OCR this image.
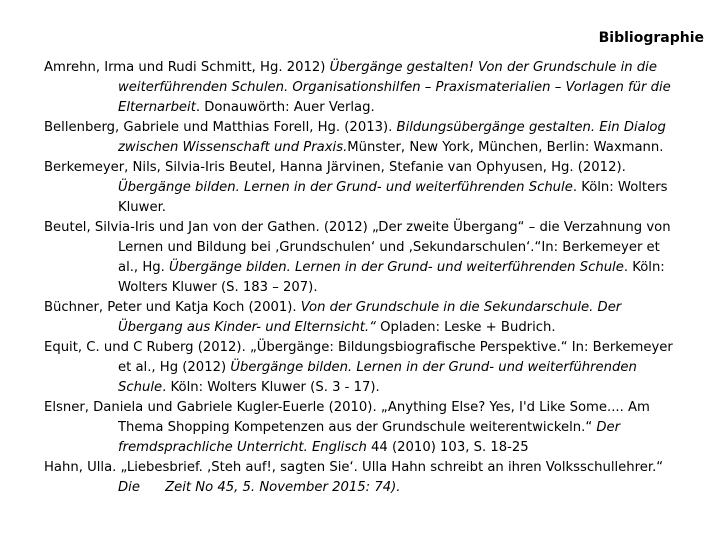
Bibliographie

Amrehn, Irma und Rudi Schmitt, Hg. 2012) Übergänge gestalten! Von der Grundschule in die weiterführenden Schulen. Organisationshilfen – Praxismaterialien – Vorlagen für die Elternarbeit. Donauwörth: Auer Verlag.

Bellenberg, Gabriele und Matthias Forell, Hg. (2013). Bildungsübergänge gestalten. Ein Dialog zwischen Wissenschaft und Praxis.Münster, New York, München, Berlin: Waxmann.

Berkemeyer, Nils, Silvia-Iris Beutel, Hanna Järvinen, Stefanie van Ophyusen, Hg. (2012). Übergänge bilden. Lernen in der Grund- und weiterführenden Schule. Köln: Wolters Kluwer.

Beutel, Silvia-Iris und Jan von der Gathen. (2012) „Der zweite Übergang“ – die Verzahnung von Lernen und Bildung bei ‚Grundschulen‘ und ‚Sekundarschulen‘.“In: Berkemeyer et al., Hg. Übergänge bilden. Lernen in der Grund- und weiterführenden Schule. Köln: Wolters Kluwer (S. 183 – 207).

Büchner, Peter und Katja Koch (2001). Von der Grundschule in die Sekundarschule. Der Übergang aus Kinder- und Elternsicht.“ Opladen: Leske + Budrich.

Equit, C. und C Ruberg (2012). „Übergänge: Bildungsbiografische Perspektive.“ In: Berkemeyer et al., Hg (2012) Übergänge bilden. Lernen in der Grund- und weiterführenden Schule. Köln: Wolters Kluwer (S. 3 - 17).

Elsner, Daniela und Gabriele Kugler-Euerle (2010). „Anything Else? Yes, I'd Like Some.... Am Thema Shopping Kompetenzen aus der Grundschule weiterentwickeln.“ Der fremdsprachliche Unterricht. Englisch 44 (2010) 103, S. 18-25

Hahn, Ulla. „Liebesbrief. ‚Steh auf!, sagten Sie‘. Ulla Hahn schreibt an ihren Volksschullehrer.“ Die      Zeit No 45, 5. November 2015: 74).
